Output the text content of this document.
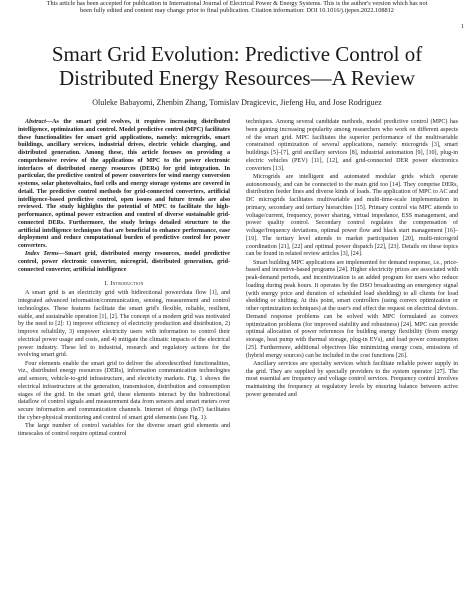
This article has been accepted for publication in International Journal of Electrical Power & Energy Systems. This is the author's version which has not
been fully edited and content may change prior to final publication. Citation information: DOI 10.1016/j.ijepes.2022.108812
1
Smart Grid Evolution: Predictive Control of
Distributed Energy Resources—A Review
Oluleke Babayomi, Zhenbin Zhang, Tomislav Dragicevic, Jiefeng Hu, and Jose Rodriguez

Abstract—As the smart grid evolves, it requires increasing distributed intelligence, optimization and control. Model predictive control (MPC) facilitates these functionalities for smart grid applications, namely: microgrids, smart buildings, ancillary services, industrial drives, electric vehicle charging, and distributed generation. Among these, this article focuses on providing a comprehensive review of the applications of MPC to the power electronic interfaces of distributed energy resources (DERs) for grid integration. In particular, the predictive control of power converters for wind energy conversion systems, solar photovoltaics, fuel cells and energy storage systems are covered in detail. The predictive control methods for grid-connected converters, artificial intelligence-based predictive control, open issues and future trends are also reviewed. The study highlights the potential of MPC to facilitate the high-performance, optimal power extraction and control of diverse sustainable grid-connected DERs. Furthermore, the study brings detailed structure to the artificial intelligence techniques that are beneficial to enhance performance, ease deployment and reduce computational burden of predictive control for power converters.

Index Terms—Smart grid, distributed energy resources, model predictive control, power electronic converter, microgrid, distributed generation, grid-connected converter, artificial intelligence

I. Introduction

A smart grid is an electricity grid with bidirectional power/data flow [1], and integrated advanced information/communication, sensing, measurement and control technologies. These features facilitate the smart grid's flexible, reliable, resilient, stable, and sustainable operation [1], [2]. The concept of a modern grid was motivated by the need to [2]: 1) improve efficiency of electricity production and distribution, 2) improve reliability, 3) empower electricity users with information to control their electrical power usage and costs, and 4) mitigate the climatic impacts of the electrical power industry. These led to industrial, research and regulatory actions for the evolving smart grid.

Four elements enable the smart grid to deliver the aforedescribed functionalities, viz., distributed energy resources (DERs), information communication technologies and sensors, vehicle-to-grid infrastructure, and electricity markets. Fig. 1 shows the electrical infrastructure at the generation, transmission, distribution and consumption stages of the grid. In the smart grid, these elements interact by the bidirectional dataflow of control signals and measurement data from sensors and smart meters over secure information and communication channels. Internet of things (IoT) facilitates the cyber-physical monitoring and control of smart grid elements (see Fig. 1).

The large number of control variables for the diverse smart grid elements and timescales of control require optimal control

techniques. Among several candidate methods, model predictive control (MPC) has been gaining increasing popularity among researchers who work on different aspects of the smart grid. MPC facilitates the superior performance of the multivariable constrained optimization of several applications, namely: microgrids [3], smart buildings [5]–[7], grid ancillary services [8], industrial automation [9], [10], plug-in electric vehicles (PEV) [11], [12], and grid-connected DER power electronics converters [13].

Microgrids are intelligent and automated modular grids which operate autonomously, and can be connected to the main grid too [14]. They comprise DERs, distribution feeder lines and diverse kinds of loads. The application of MPC to AC and DC microgrids facilitates multivariable and multi-time-scale implementation in primary, secondary and tertiary hierarchies [15]. Primary control via MPC attends to voltage/current, frequency, power sharing, virtual impedance, ESS management, and power quality control. Secondary control regulates the compensation of voltage/frequency deviations, optimal power flow and black start management [16]–[19]. The tertiary level attends to market participation [20], multi-microgrid coordination [21], [22] and optimal power dispatch [22], [23]. Details on these topics can be found in related review articles [3], [24].

Smart building MPC applications are implemented for demand response, i.e., price-based and incentive-based programs [24]. Higher electricity prices are associated with peak-demand periods, and incentivization is an added program for users who reduce loading during peak hours. It operates by the DSO broadcasting an emergency signal (with energy price and duration of scheduled load shedding) to all clients for load shedding or shifting. At this point, smart controllers (using convex optimization or other optimization techniques) at the user's end effect the request on electrical devices. Demand response problems can be solved with MPC formulated as convex optimization problems (for improved stability and robustness) [24]. MPC can provide optimal allocation of power references for building energy flexibility (from energy storage, heat pump with thermal storage, plug-in EVs), and load power consumption [25]. Furthermore, additional objectives like minimizing energy costs, emissions of (hybrid energy sources) can be included in the cost functions [26].

Ancillary services are specialty services which facilitate reliable power supply in the grid. They are supplied by specially providers to the system operator [27]. The most essential are frequency and voltage control services. Frequency control involves maintaining the frequency at regulatory levels by ensuring balance between active power generated and
